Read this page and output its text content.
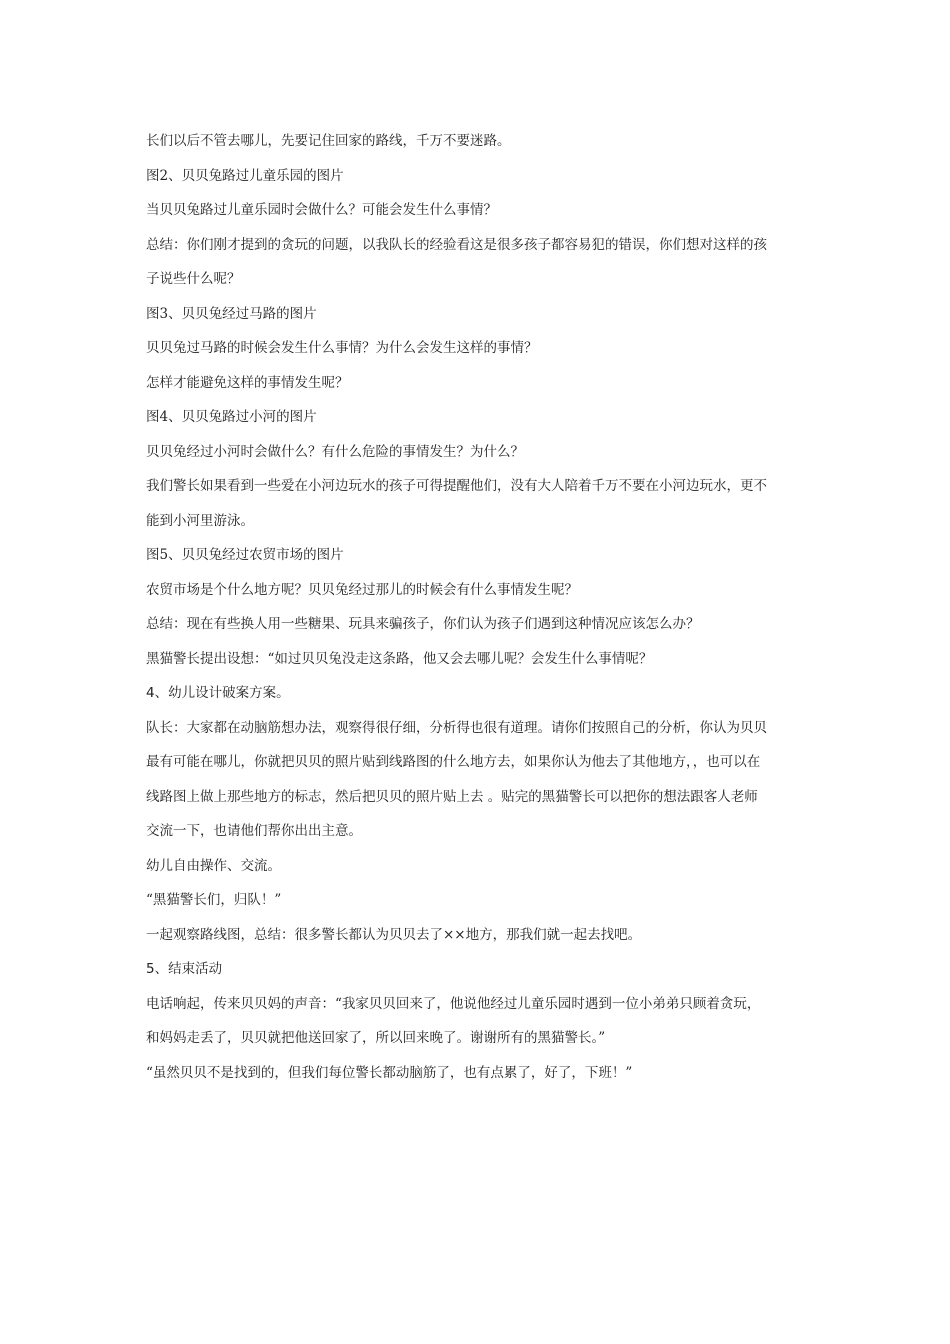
长们以后不管去哪儿，先要记住回家的路线，千万不要迷路。
图2、贝贝兔路过儿童乐园的图片
当贝贝兔路过儿童乐园时会做什么？可能会发生什么事情？
总结：你们刚才提到的贪玩的问题，以我队长的经验看这是很多孩子都容易犯的错误，你们想对这样的孩
子说些什么呢？
图3、贝贝兔经过马路的图片
贝贝兔过马路的时候会发生什么事情？为什么会发生这样的事情？
怎样才能避免这样的事情发生呢？
图4、贝贝兔路过小河的图片
贝贝兔经过小河时会做什么？有什么危险的事情发生？为什么？
我们警长如果看到一些爱在小河边玩水的孩子可得提醒他们，没有大人陪着千万不要在小河边玩水，更不
能到小河里游泳。
图5、贝贝兔经过农贸市场的图片
农贸市场是个什么地方呢？贝贝兔经过那儿的时候会有什么事情发生呢？
总结：现在有些换人用一些糖果、玩具来骗孩子，你们认为孩子们遇到这种情况应该怎么办？
黑猫警长提出设想：“如过贝贝兔没走这条路，他又会去哪儿呢？会发生什么事情呢？
4、幼儿设计破案方案。
队长：大家都在动脑筋想办法，观察得很仔细，分析得也很有道理。请你们按照自己的分析，你认为贝贝
最有可能在哪儿，你就把贝贝的照片贴到线路图的什么地方去，如果你认为他去了其他地方，，也可以在
线路图上做上那些地方的标志，然后把贝贝的照片贴上去 。贴完的黑猫警长可以把你的想法跟客人老师
交流一下，也请他们帮你出出主意。
幼儿自由操作、交流。
“黑猫警长们，归队！”
一起观察路线图，总结：很多警长都认为贝贝去了××地方，那我们就一起去找吧。
5、结束活动
电话响起，传来贝贝妈的声音：“我家贝贝回来了，他说他经过儿童乐园时遇到一位小弟弟只顾着贪玩，
和妈妈走丢了，贝贝就把他送回家了，所以回来晚了。谢谢所有的黑猫警长。”
“虽然贝贝不是找到的，但我们每位警长都动脑筋了，也有点累了，好了，下班！”
